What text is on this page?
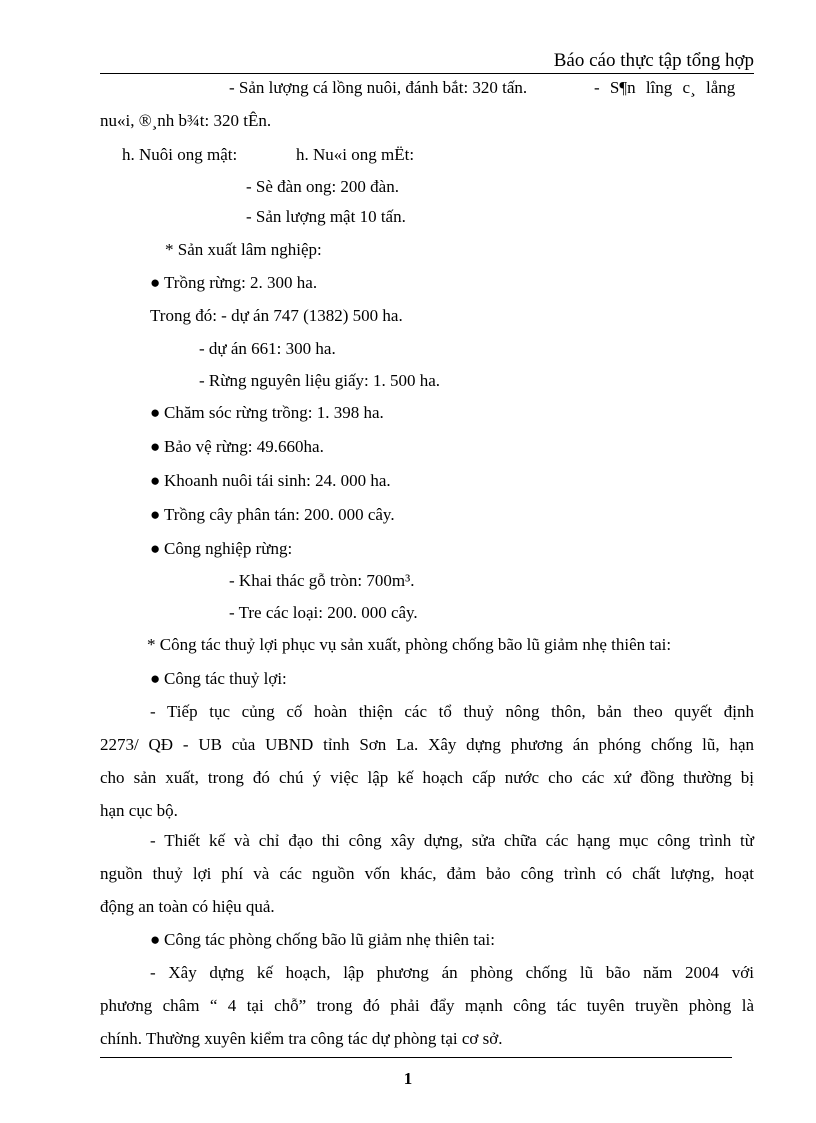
Báo cáo thực tập tổng hợp
- Sản lượng cá lồng nuôi, đánh bắt: 320 tấn.	- S¶n lîng c¸ lång
nu«i, ®¸nh b¾t: 320 tÊn.
h. Nuôi ong mật:	h. Nu«i ong mËt:
- Sè đàn ong: 200 đàn.
- Sản lượng mật 10 tấn.
* Sản xuất lâm nghiệp:
● Trồng rừng: 2. 300 ha.
Trong đó: - dự án 747 (1382) 500 ha.
- dự án 661: 300 ha.
- Rừng nguyên liệu giấy: 1. 500 ha.
● Chăm sóc rừng trồng: 1. 398 ha.
● Bảo vệ rừng: 49.660ha.
● Khoanh nuôi tái sinh: 24. 000 ha.
● Trồng cây phân tán: 200. 000 cây.
● Công nghiệp rừng:
- Khai thác gỗ tròn: 700m³.
- Tre các loại: 200. 000 cây.
* Công tác thuỷ lợi phục vụ sản xuất, phòng chống bão lũ giảm nhẹ thiên tai:
● Công tác thuỷ lợi:
- Tiếp tục củng cố hoàn thiện các tổ thuỷ nông thôn, bản theo quyết định
2273/ QĐ - UB của UBND tỉnh Sơn La. Xây dựng phương án phóng chống lũ, hạn
cho sản xuất, trong đó chú ý việc lập kế hoạch cấp nước cho các xứ đồng thường bị
hạn cục bộ.
- Thiết kế và chỉ đạo thi công xây dựng, sửa chữa các hạng mục công trình từ
nguồn thuỷ lợi phí và các nguồn vốn khác, đảm bảo công trình có chất lượng, hoạt
động an toàn có hiệu quả.
● Công tác phòng chống bão lũ giảm nhẹ thiên tai:
- Xây dựng kế hoạch, lập phương án phòng chống lũ bão năm 2004 với
phương châm “ 4 tại chỗ” trong đó phải đẩy mạnh công tác tuyên truyền phòng là
chính. Thường xuyên kiểm tra công tác dự phòng tại cơ sở.
1
